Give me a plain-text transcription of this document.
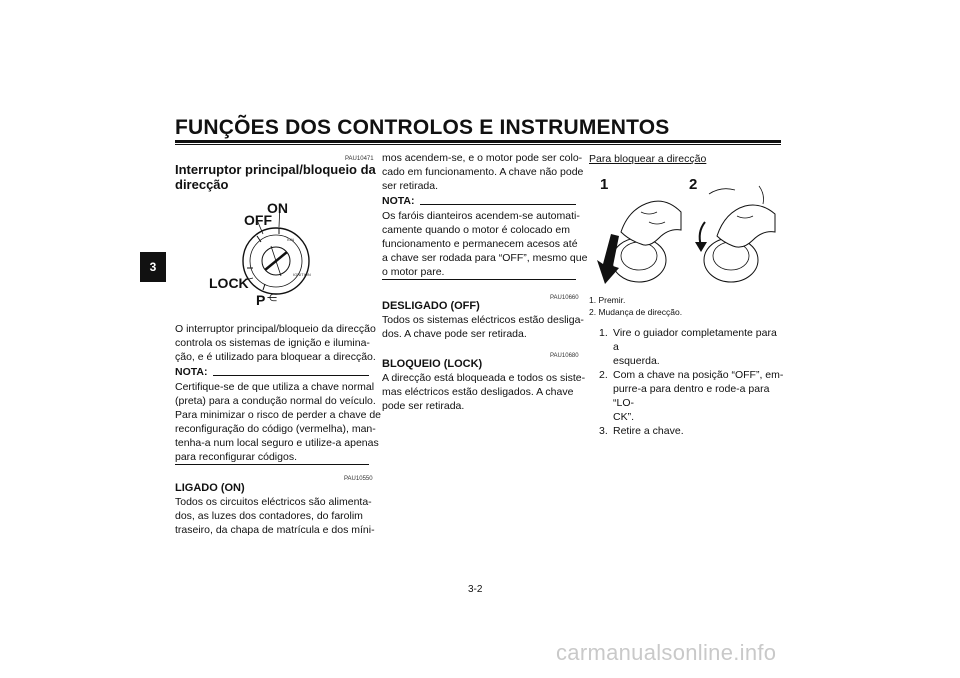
FUNÇÕES DOS CONTROLOS E INSTRUMENTOS
3
PAU10471
Interruptor principal/bloqueio da
direcção
IGN
IGNITION
ON
OFF
LOCK
P ⋲
O interruptor principal/bloqueio da direcção
controla os sistemas de ignição e ilumina-
ção, e é utilizado para bloquear a direcção.
NOTA:
Certifique-se de que utiliza a chave normal
(preta) para a condução normal do veículo.
Para minimizar o risco de perder a chave de
reconfiguração do código (vermelha), man-
tenha-a num local seguro e utilize-a apenas
para reconfigurar códigos.
PAU10550
LIGADO (ON)
Todos os circuitos eléctricos são alimenta-
dos, as luzes dos contadores, do farolim
traseiro, da chapa de matrícula e dos míni-
mos acendem-se, e o motor pode ser colo-
cado em funcionamento. A chave não pode
ser retirada.
NOTA:
Os faróis dianteiros acendem-se automati-
camente quando o motor é colocado em
funcionamento e permanecem acesos até
a chave ser rodada para “OFF”, mesmo que
o motor pare.
PAU10660
DESLIGADO (OFF)
Todos os sistemas eléctricos estão desliga-
dos. A chave pode ser retirada.
PAU10680
BLOQUEIO (LOCK)
A direcção está bloqueada e todos os siste-
mas eléctricos estão desligados. A chave
pode ser retirada.
Para bloquear a direcção
1	2
1. Premir.
2. Mudança de direcção.
1. Vire o guiador completamente para a
esquerda.
2. Com a chave na posição “OFF”, em-
purre-a para dentro e rode-a para “LO-
CK”.
3. Retire a chave.
3-2
carmanualsonline.info
